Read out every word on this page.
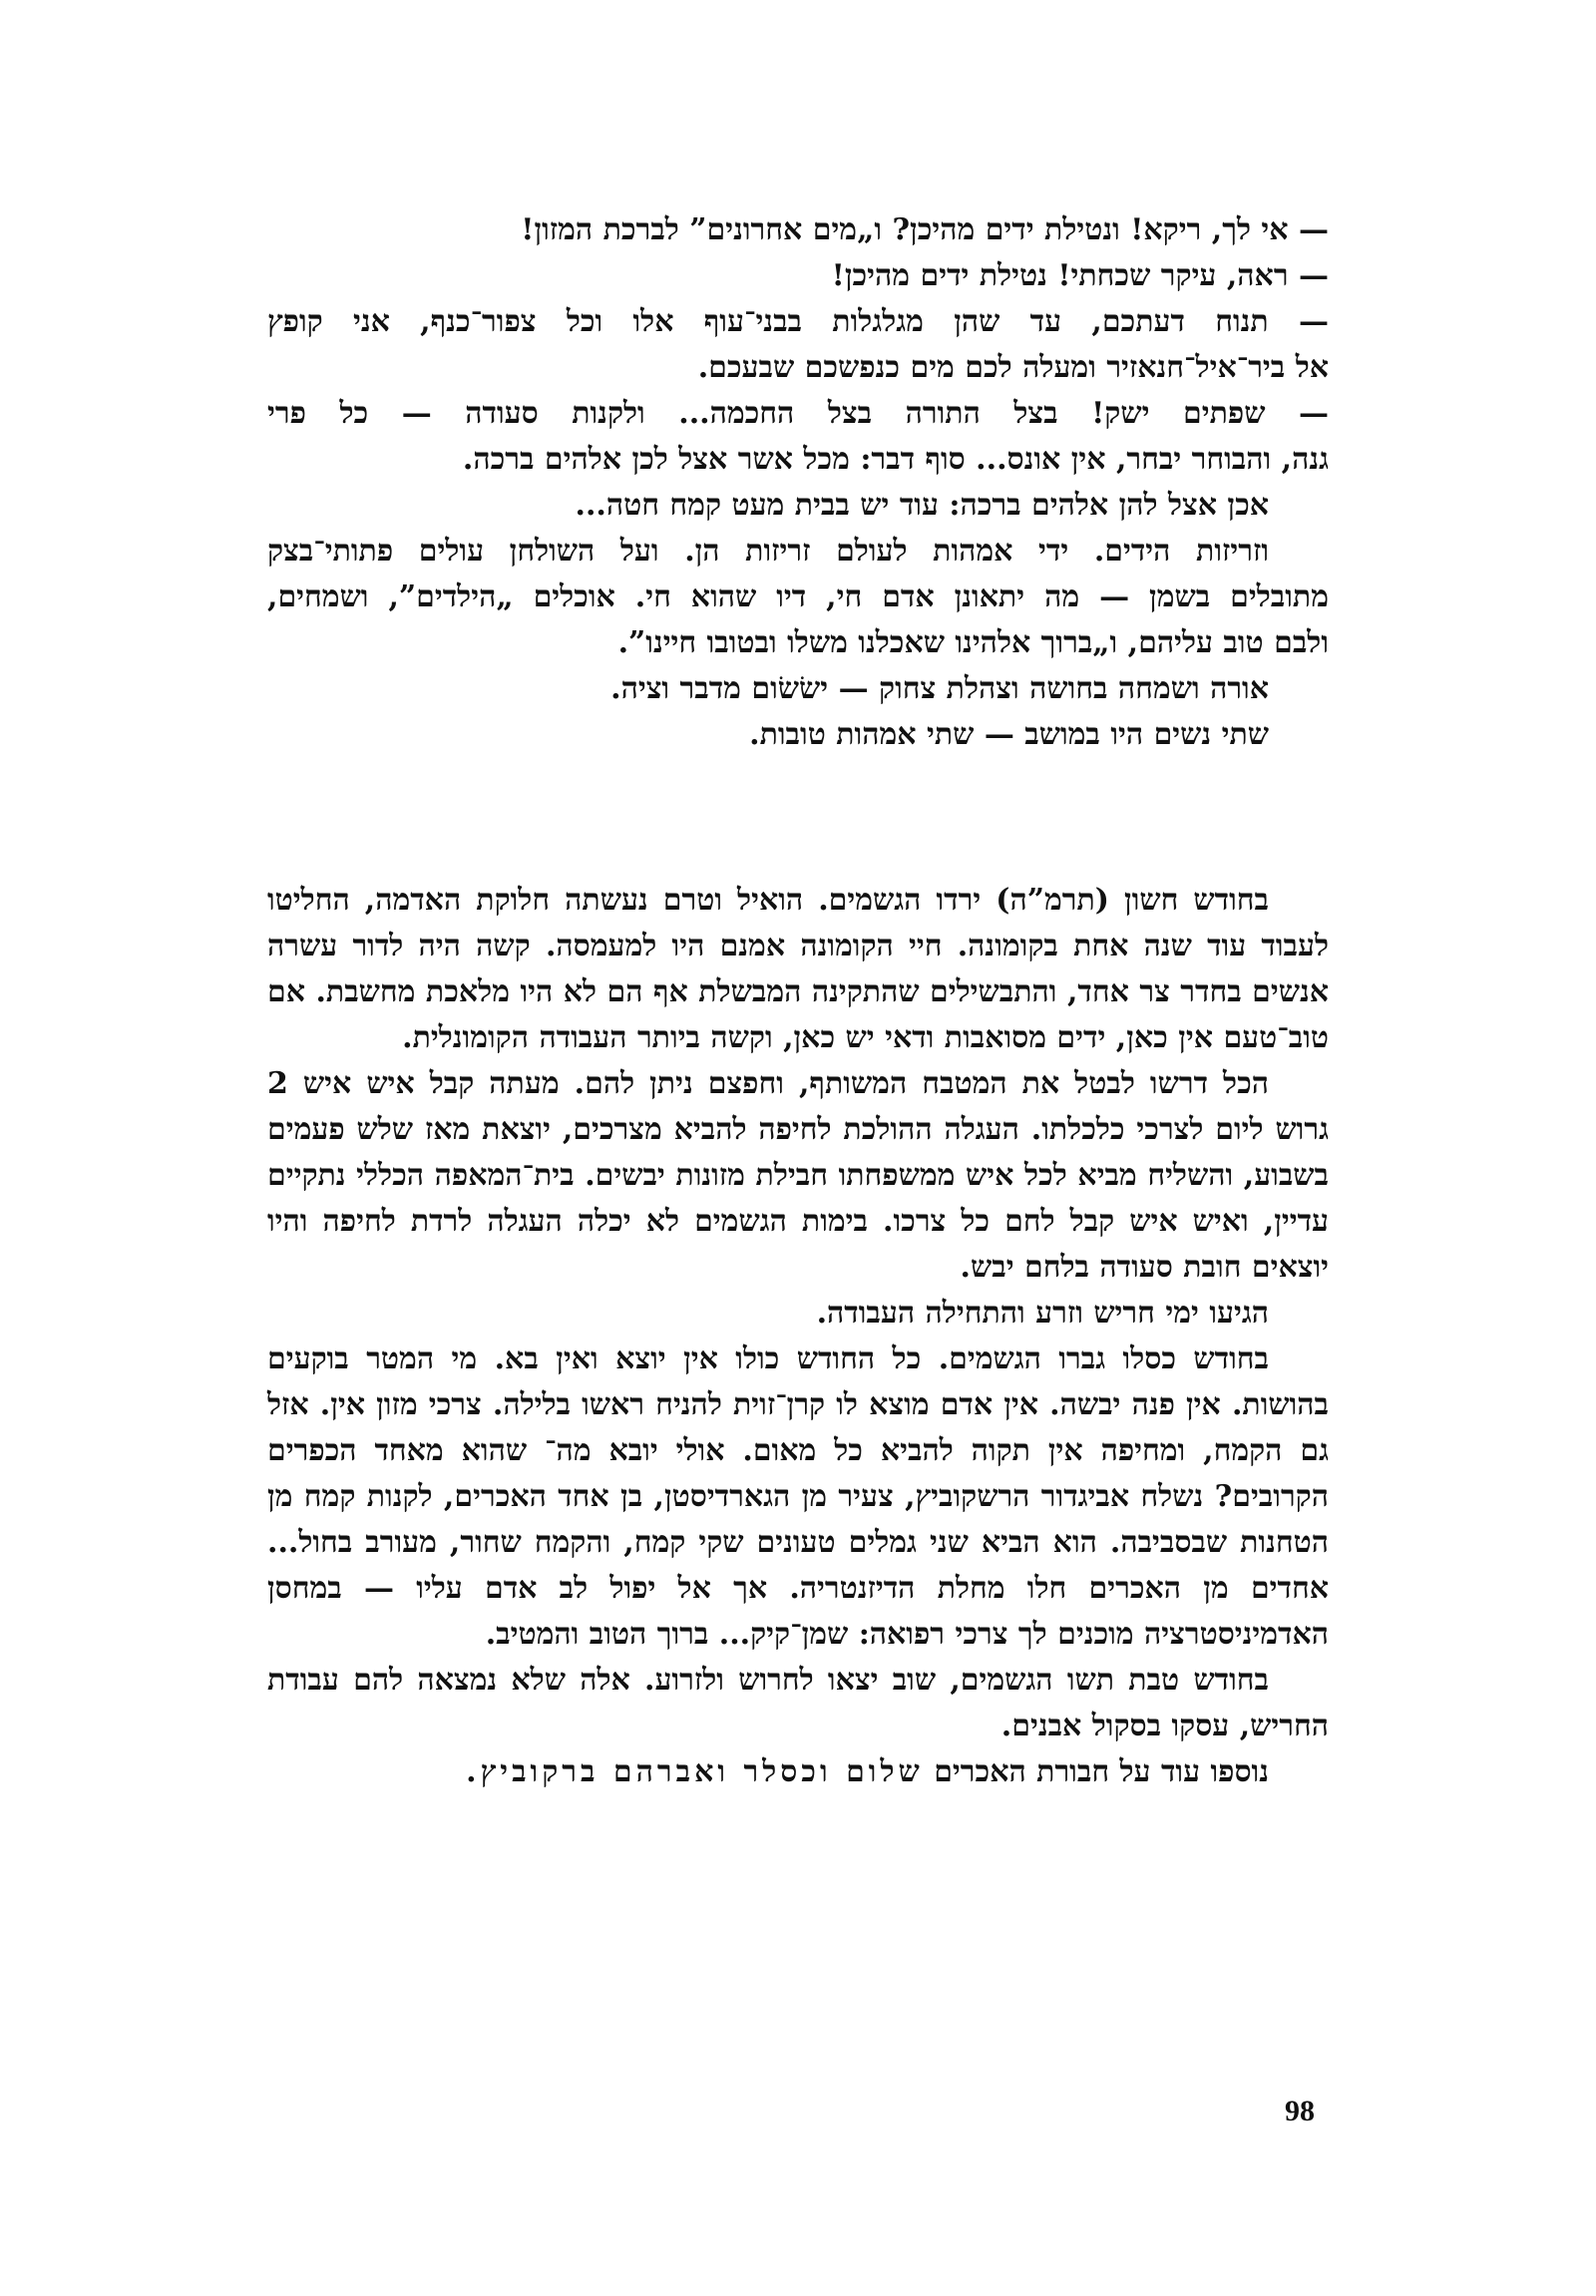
— אי לך, ריקא! ונטילת ידים מהיכן? ו„מים אחרונים” לברכת המזון!

— ראה, עיקר שכחתי! נטילת ידים מהיכן!

— תנוח דעתכם, עד שהן מגלגלות בבני־עוף אלו וכל צפור־כנף, אני קופץ

אל ביר־איל־חנאזיר ומעלה לכם מים כנפשכם שבעכם.

— שפתים ישק! בצל התורה בצל החכמה... ולקנות סעודה — כל פרי

גנה, והבוחר יבחר, אין אונס... סוף דבר: מכל אשר אצל לכן אלהים ברכה.

אכן אצל להן אלהים ברכה: עוד יש בבית מעט קמח חטה...

וזריזות הידים. ידי אמהות לעולם זריזות הן. ועל השולחן עולים פתותי־בצק

מתובלים בשמן — מה יתאונן אדם חי, דיו שהוא חי. אוכלים „הילדים”, ושמחים,

ולבם טוב עליהם, ו„ברוך אלהינו שאכלנו משלו ובטובו חיינו”.

אורה ושמחה בחושה וצהלת צחוק — ישׂשׂום מדבר וציה.

שתי נשים היו במושב — שתי אמהות טובות.

בחודש חשון (תרמ”ה) ירדו הגשמים. הואיל וטרם נעשתה חלוקת האדמה, החליטו לעבוד עוד שנה אחת בקומונה. חיי הקומונה אמנם היו למעמסה. קשה היה לדור עשרה אנשים בחדר צר אחד, והתבשילים שהתקינה המבשלת אף הם לא היו מלאכת מחשבת. אם טוב־טעם אין כאן, ידים מסואבות ודאי יש כאן, וקשה ביותר העבודה הקומונלית.

הכל דרשו לבטל את המטבח המשותף, וחפצם ניתן להם. מעתה קבל איש איש 2 גרוש ליום לצרכי כלכלתו. העגלה ההולכת לחיפה להביא מצרכים, יוצאת מאז שלש פעמים בשבוע, והשליח מביא לכל איש ממשפחתו חבילת מזונות יבשים. בית־המאפה הכללי נתקיים עדיין, ואיש איש קבל לחם כל צרכו. בימות הגשמים לא יכלה העגלה לרדת לחיפה והיו יוצאים חובת סעודה בלחם יבש.

הגיעו ימי חריש וזרע והתחילה העבודה.

בחודש כסלו גברו הגשמים. כל החודש כולו אין יוצא ואין בא. מי המטר בוקעים בהושות. אין פנה יבשה. אין אדם מוצא לו קרן־זוית להניח ראשו בלילה. צרכי מזון אין. אזל גם הקמח, ומחיפה אין תקוה להביא כל מאום. אולי יובא מה־ שהוא מאחד הכפרים הקרובים? נשלח אביגדור הרשקוביץ, צעיר מן הגארדיסטן, בן אחד האכרים, לקנות קמח מן הטחנות שבסביבה. הוא הביא שני גמלים טעונים שקי קמח, והקמח שחור, מעורב בחול... אחדים מן האכרים חלו מחלת הדיזנטריה. אך אל יפול לב אדם עליו — במחסן האדמיניסטרציה מוכנים לך צרכי רפואה: שמן־קיק... ברוך הטוב והמטיב.

בחודש טבת תשו הגשמים, שוב יצאו לחרוש ולזרוע. אלה שלא נמצאה להם עבודת החריש, עסקו בסקול אבנים.

נוספו עוד על חבורת האכרים שלום וכסלר ואברהם ברקוביץ.

98
